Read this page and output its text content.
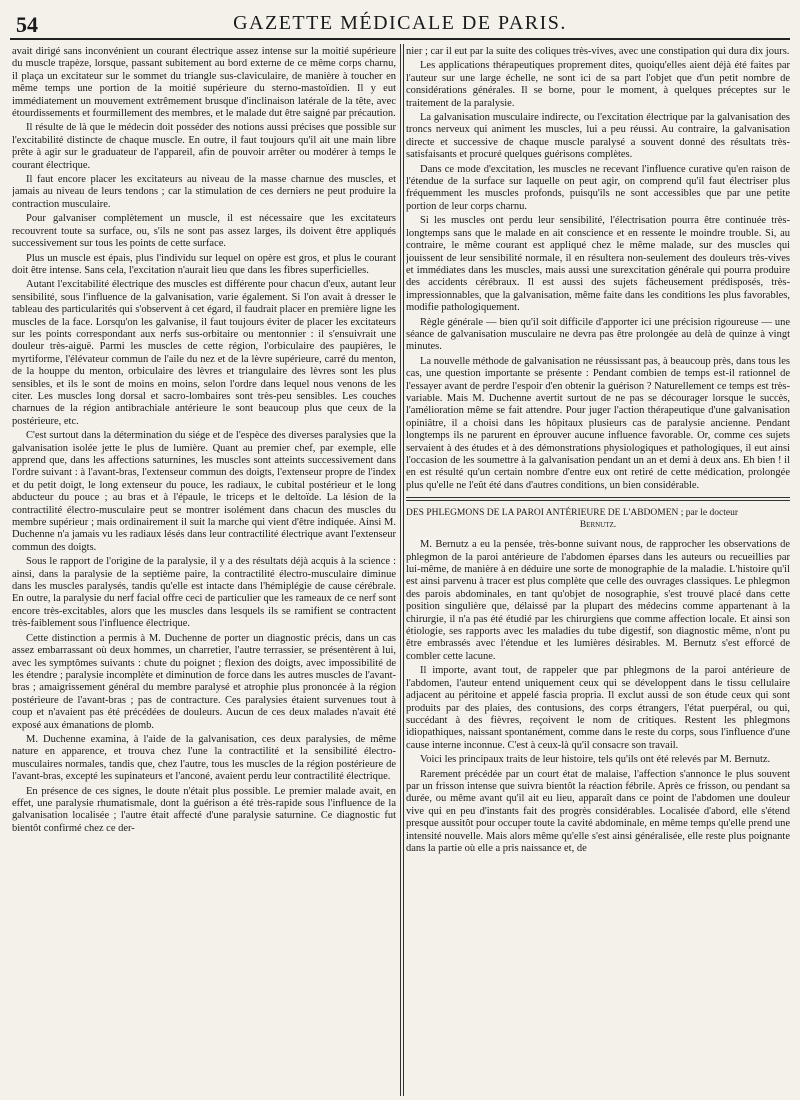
54	GAZETTE MÉDICALE DE PARIS.

avait dirigé sans inconvénient un courant électrique assez intense sur la moitié supérieure du muscle trapèze, lorsque, passant subitement au bord externe de ce même corps charnu, il plaça un excitateur sur le sommet du triangle sus-claviculaire, de manière à toucher en même temps une portion de la moitié supérieure du sterno-mastoïdien. Il y eut immédiatement un mouvement extrêmement brusque d'inclinaison latérale de la tête, avec étourdissements et fourmillement des membres, et le malade dut être saigné par précaution.

Il résulte de là que le médecin doit posséder des notions aussi précises que possible sur l'excitabilité distincte de chaque muscle. En outre, il faut toujours qu'il ait une main libre prête à agir sur le graduateur de l'appareil, afin de pouvoir arrêter ou modérer à temps le courant électrique.

Il faut encore placer les excitateurs au niveau de la masse charnue des muscles, et jamais au niveau de leurs tendons ; car la stimulation de ces derniers ne peut produire la contraction musculaire.

Pour galvaniser complètement un muscle, il est nécessaire que les excitateurs recouvrent toute sa surface, ou, s'ils ne sont pas assez larges, ils doivent être appliqués successivement sur tous les points de cette surface.

Plus un muscle est épais, plus l'individu sur lequel on opère est gros, et plus le courant doit être intense. Sans cela, l'excitation n'aurait lieu que dans les fibres superficielles.

Autant l'excitabilité électrique des muscles est différente pour chacun d'eux, autant leur sensibilité, sous l'influence de la galvanisation, varie également. Si l'on avait à dresser le tableau des particularités qui s'observent à cet égard, il faudrait placer en première ligne les muscles de la face. Lorsqu'on les galvanise, il faut toujours éviter de placer les excitateurs sur les points correspondant aux nerfs sus-orbitaire ou mentonnier : il s'ensuivrait une douleur très-aiguë. Parmi les muscles de cette région, l'orbiculaire des paupières, le myrtiforme, l'élévateur commun de l'aile du nez et de la lèvre supérieure, carré du menton, de la houppe du menton, orbiculaire des lèvres et triangulaire des lèvres sont les plus sensibles, et ils le sont de moins en moins, selon l'ordre dans lequel nous venons de les citer. Les muscles long dorsal et sacro-lombaires sont très-peu sensibles. Les couches charnues de la région antibrachiale antérieure le sont beaucoup plus que ceux de la postérieure, etc.

C'est surtout dans la détermination du siége et de l'espèce des diverses paralysies que la galvanisation isolée jette le plus de lumière. Quant au premier chef, par exemple, elle apprend que, dans les affections saturnines, les muscles sont atteints successivement dans l'ordre suivant : à l'avant-bras, l'extenseur commun des doigts, l'extenseur propre de l'index et du petit doigt, le long extenseur du pouce, les radiaux, le cubital postérieur et le long abducteur du pouce ; au bras et à l'épaule, le triceps et le deltoïde. La lésion de la contractilité électro-musculaire peut se montrer isolément dans chacun des muscles du membre supérieur ; mais ordinairement il suit la marche qui vient d'être indiquée. Ainsi M. Duchenne n'a jamais vu les radiaux lésés dans leur contractilité électrique avant l'extenseur commun des doigts.

Sous le rapport de l'origine de la paralysie, il y a des résultats déjà acquis à la science : ainsi, dans la paralysie de la septième paire, la contractilité électro-musculaire diminue dans les muscles paralysés, tandis qu'elle est intacte dans l'hémiplégie de cause cérébrale. En outre, la paralysie du nerf facial offre ceci de particulier que les rameaux de ce nerf sont encore très-excitables, alors que les muscles dans lesquels ils se ramifient se contractent très-faiblement sous l'influence électrique.

Cette distinction a permis à M. Duchenne de porter un diagnostic précis, dans un cas assez embarrassant où deux hommes, un charretier, l'autre terrassier, se présentèrent à lui, avec les symptômes suivants : chute du poignet ; flexion des doigts, avec impossibilité de les étendre ; paralysie incomplète et diminution de force dans les autres muscles de l'avant-bras ; amaigrissement général du membre paralysé et atrophie plus prononcée à la région postérieure de l'avant-bras ; pas de contracture. Ces paralysies étaient survenues tout à coup et n'avaient pas été précédées de douleurs. Aucun de ces deux malades n'avait été exposé aux émanations de plomb.

M. Duchenne examina, à l'aide de la galvanisation, ces deux paralysies, de même nature en apparence, et trouva chez l'une la contractilité et la sensibilité électro-musculaires normales, tandis que, chez l'autre, tous les muscles de la région postérieure de l'avant-bras, excepté les supinateurs et l'anconé, avaient perdu leur contractilité électrique.

En présence de ces signes, le doute n'était plus possible. Le premier malade avait, en effet, une paralysie rhumatismale, dont la guérison a été très-rapide sous l'influence de la galvanisation localisée ; l'autre était affecté d'une paralysie saturnine. Ce diagnostic fut bientôt confirmé chez ce der-

nier ; car il eut par la suite des coliques très-vives, avec une constipation qui dura dix jours.

Les applications thérapeutiques proprement dites, quoiqu'elles aient déjà été faites par l'auteur sur une large échelle, ne sont ici de sa part l'objet que d'un petit nombre de considérations générales. Il se borne, pour le moment, à quelques préceptes sur le traitement de la paralysie.

La galvanisation musculaire indirecte, ou l'excitation électrique par la galvanisation des troncs nerveux qui animent les muscles, lui a peu réussi. Au contraire, la galvanisation directe et successive de chaque muscle paralysé a souvent donné des résultats très-satisfaisants et procuré quelques guérisons complètes.

Dans ce mode d'excitation, les muscles ne recevant l'influence curative qu'en raison de l'étendue de la surface sur laquelle on peut agir, on comprend qu'il faut électriser plus fréquemment les muscles profonds, puisqu'ils ne sont accessibles que par une petite portion de leur corps charnu.

Si les muscles ont perdu leur sensibilité, l'électrisation pourra être continuée très-longtemps sans que le malade en ait conscience et en ressente le moindre trouble. Si, au contraire, le même courant est appliqué chez le même malade, sur des muscles qui jouissent de leur sensibilité normale, il en résultera non-seulement des douleurs très-vives et immédiates dans les muscles, mais aussi une surexcitation générale qui pourra produire des accidents cérébraux. Il est aussi des sujets fâcheusement prédisposés, très-impressionnables, que la galvanisation, même faite dans les conditions les plus favorables, modifie pathologiquement.

Règle générale — bien qu'il soit difficile d'apporter ici une précision rigoureuse — une séance de galvanisation musculaire ne devra pas être prolongée au delà de quinze à vingt minutes.

La nouvelle méthode de galvanisation ne réussissant pas, à beaucoup près, dans tous les cas, une question importante se présente : Pendant combien de temps est-il rationnel de l'essayer avant de perdre l'espoir d'en obtenir la guérison ? Naturellement ce temps est très-variable. Mais M. Duchenne avertit surtout de ne pas se décourager lorsque le succès, l'amélioration même se fait attendre. Pour juger l'action thérapeutique d'une galvanisation opiniâtre, il a choisi dans les hôpitaux plusieurs cas de paralysie ancienne. Pendant longtemps ils ne parurent en éprouver aucune influence favorable. Or, comme ces sujets servaient à des études et à des démonstrations physiologiques et pathologiques, il eut ainsi l'occasion de les soumettre à la galvanisation pendant un an et demi à deux ans. Eh bien ! il en est résulté qu'un certain nombre d'entre eux ont retiré de cette médication, prolongée plus qu'elle ne l'eût été dans d'autres conditions, un bien considérable.

DES PHLEGMONS DE LA PAROI ANTÉRIEURE DE L'ABDOMEN ; par le docteur
Bernutz.

M. Bernutz a eu la pensée, très-bonne suivant nous, de rapprocher les observations de phlegmon de la paroi antérieure de l'abdomen éparses dans les auteurs ou recueillies par lui-même, de manière à en déduire une sorte de monographie de la maladie. L'histoire qu'il est ainsi parvenu à tracer est plus complète que celle des ouvrages classiques. Le phlegmon des parois abdominales, en tant qu'objet de nosographie, s'est trouvé placé dans cette position singulière que, délaissé par la plupart des médecins comme appartenant à la chirurgie, il n'a pas été étudié par les chirurgiens que comme affection locale. Et ainsi son étiologie, ses rapports avec les maladies du tube digestif, son diagnostic même, n'ont pu être embrassés avec l'étendue et les lumières désirables. M. Bernutz s'est efforcé de combler cette lacune.

Il importe, avant tout, de rappeler que par phlegmons de la paroi antérieure de l'abdomen, l'auteur entend uniquement ceux qui se développent dans le tissu cellulaire adjacent au péritoine et appelé fascia propria. Il exclut aussi de son étude ceux qui sont produits par des plaies, des contusions, des corps étrangers, l'état puerpéral, ou qui, succédant à des fièvres, reçoivent le nom de critiques. Restent les phlegmons idiopathiques, naissant spontanément, comme dans le reste du corps, sous l'influence d'une cause interne inconnue. C'est à ceux-là qu'il consacre son travail.

Voici les principaux traits de leur histoire, tels qu'ils ont été relevés par M. Bernutz.

Rarement précédée par un court état de malaise, l'affection s'annonce le plus souvent par un frisson intense que suivra bientôt la réaction fébrile. Après ce frisson, ou pendant sa durée, ou même avant qu'il ait eu lieu, apparaît dans ce point de l'abdomen une douleur vive qui en peu d'instants fait des progrès considérables. Localisée d'abord, elle s'étend presque aussitôt pour occuper toute la cavité abdominale, en même temps qu'elle prend une intensité nouvelle. Mais alors même qu'elle s'est ainsi généralisée, elle reste plus poignante dans la partie où elle a pris naissance et, de
